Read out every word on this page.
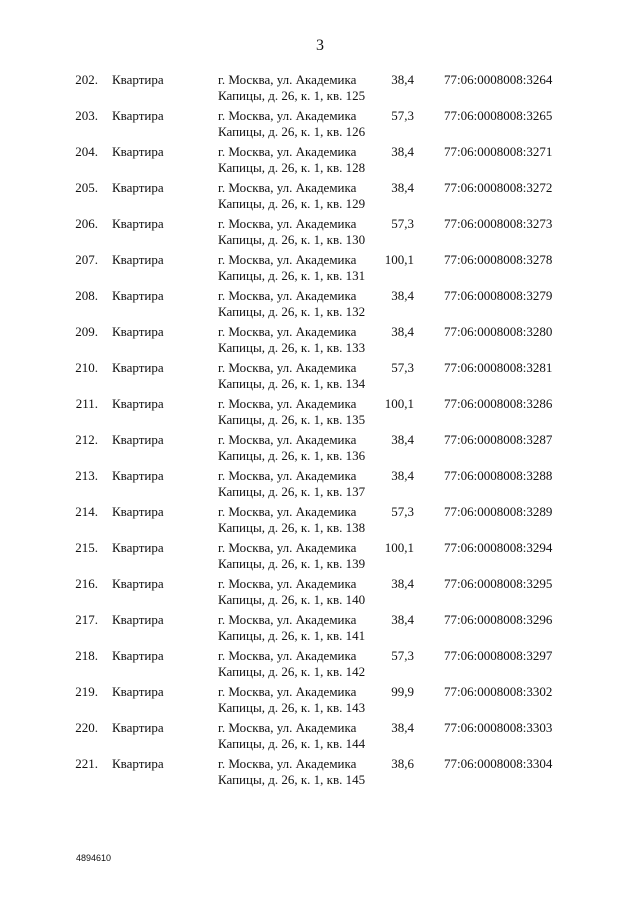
3
202. Квартира	г. Москва, ул. Академика
Капицы, д. 26, к. 1, кв. 125
38,4 77:06:0008008:3264
203. Квартира	г. Москва, ул. Академика
Капицы, д. 26, к. 1, кв. 126
57,3 77:06:0008008:3265
204. Квартира	г. Москва, ул. Академика
Капицы, д. 26, к. 1, кв. 128
38,4 77:06:0008008:3271
205. Квартира	г. Москва, ул. Академика
Капицы, д. 26, к. 1, кв. 129
38,4 77:06:0008008:3272
206. Квартира	г. Москва, ул. Академика
Капицы, д. 26, к. 1, кв. 130
57,3 77:06:0008008:3273
207. Квартира	г. Москва, ул. Академика
Капицы, д. 26, к. 1, кв. 131
100,1 77:06:0008008:3278
208. Квартира	г. Москва, ул. Академика
Капицы, д. 26, к. 1, кв. 132
38,4 77:06:0008008:3279
209. Квартира	г. Москва, ул. Академика
Капицы, д. 26, к. 1, кв. 133
38,4 77:06:0008008:3280
210. Квартира	г. Москва, ул. Академика
Капицы, д. 26, к. 1, кв. 134
57,3 77:06:0008008:3281
211. Квартира	г. Москва, ул. Академика
Капицы, д. 26, к. 1, кв. 135
100,1 77:06:0008008:3286
212. Квартира	г. Москва, ул. Академика
Капицы, д. 26, к. 1, кв. 136
38,4 77:06:0008008:3287
213. Квартира	г. Москва, ул. Академика
Капицы, д. 26, к. 1, кв. 137
38,4 77:06:0008008:3288
214. Квартира	г. Москва, ул. Академика
Капицы, д. 26, к. 1, кв. 138
57,3 77:06:0008008:3289
215. Квартира	г. Москва, ул. Академика
Капицы, д. 26, к. 1, кв. 139
100,1 77:06:0008008:3294
216. Квартира	г. Москва, ул. Академика
Капицы, д. 26, к. 1, кв. 140
38,4 77:06:0008008:3295
217. Квартира	г. Москва, ул. Академика
Капицы, д. 26, к. 1, кв. 141
38,4 77:06:0008008:3296
218. Квартира	г. Москва, ул. Академика
Капицы, д. 26, к. 1, кв. 142
57,3 77:06:0008008:3297
219. Квартира	г. Москва, ул. Академика
Капицы, д. 26, к. 1, кв. 143
99,9 77:06:0008008:3302
220. Квартира	г. Москва, ул. Академика
Капицы, д. 26, к. 1, кв. 144
38,4 77:06:0008008:3303
221. Квартира	г. Москва, ул. Академика
Капицы, д. 26, к. 1, кв. 145
38,6 77:06:0008008:3304
4894610
